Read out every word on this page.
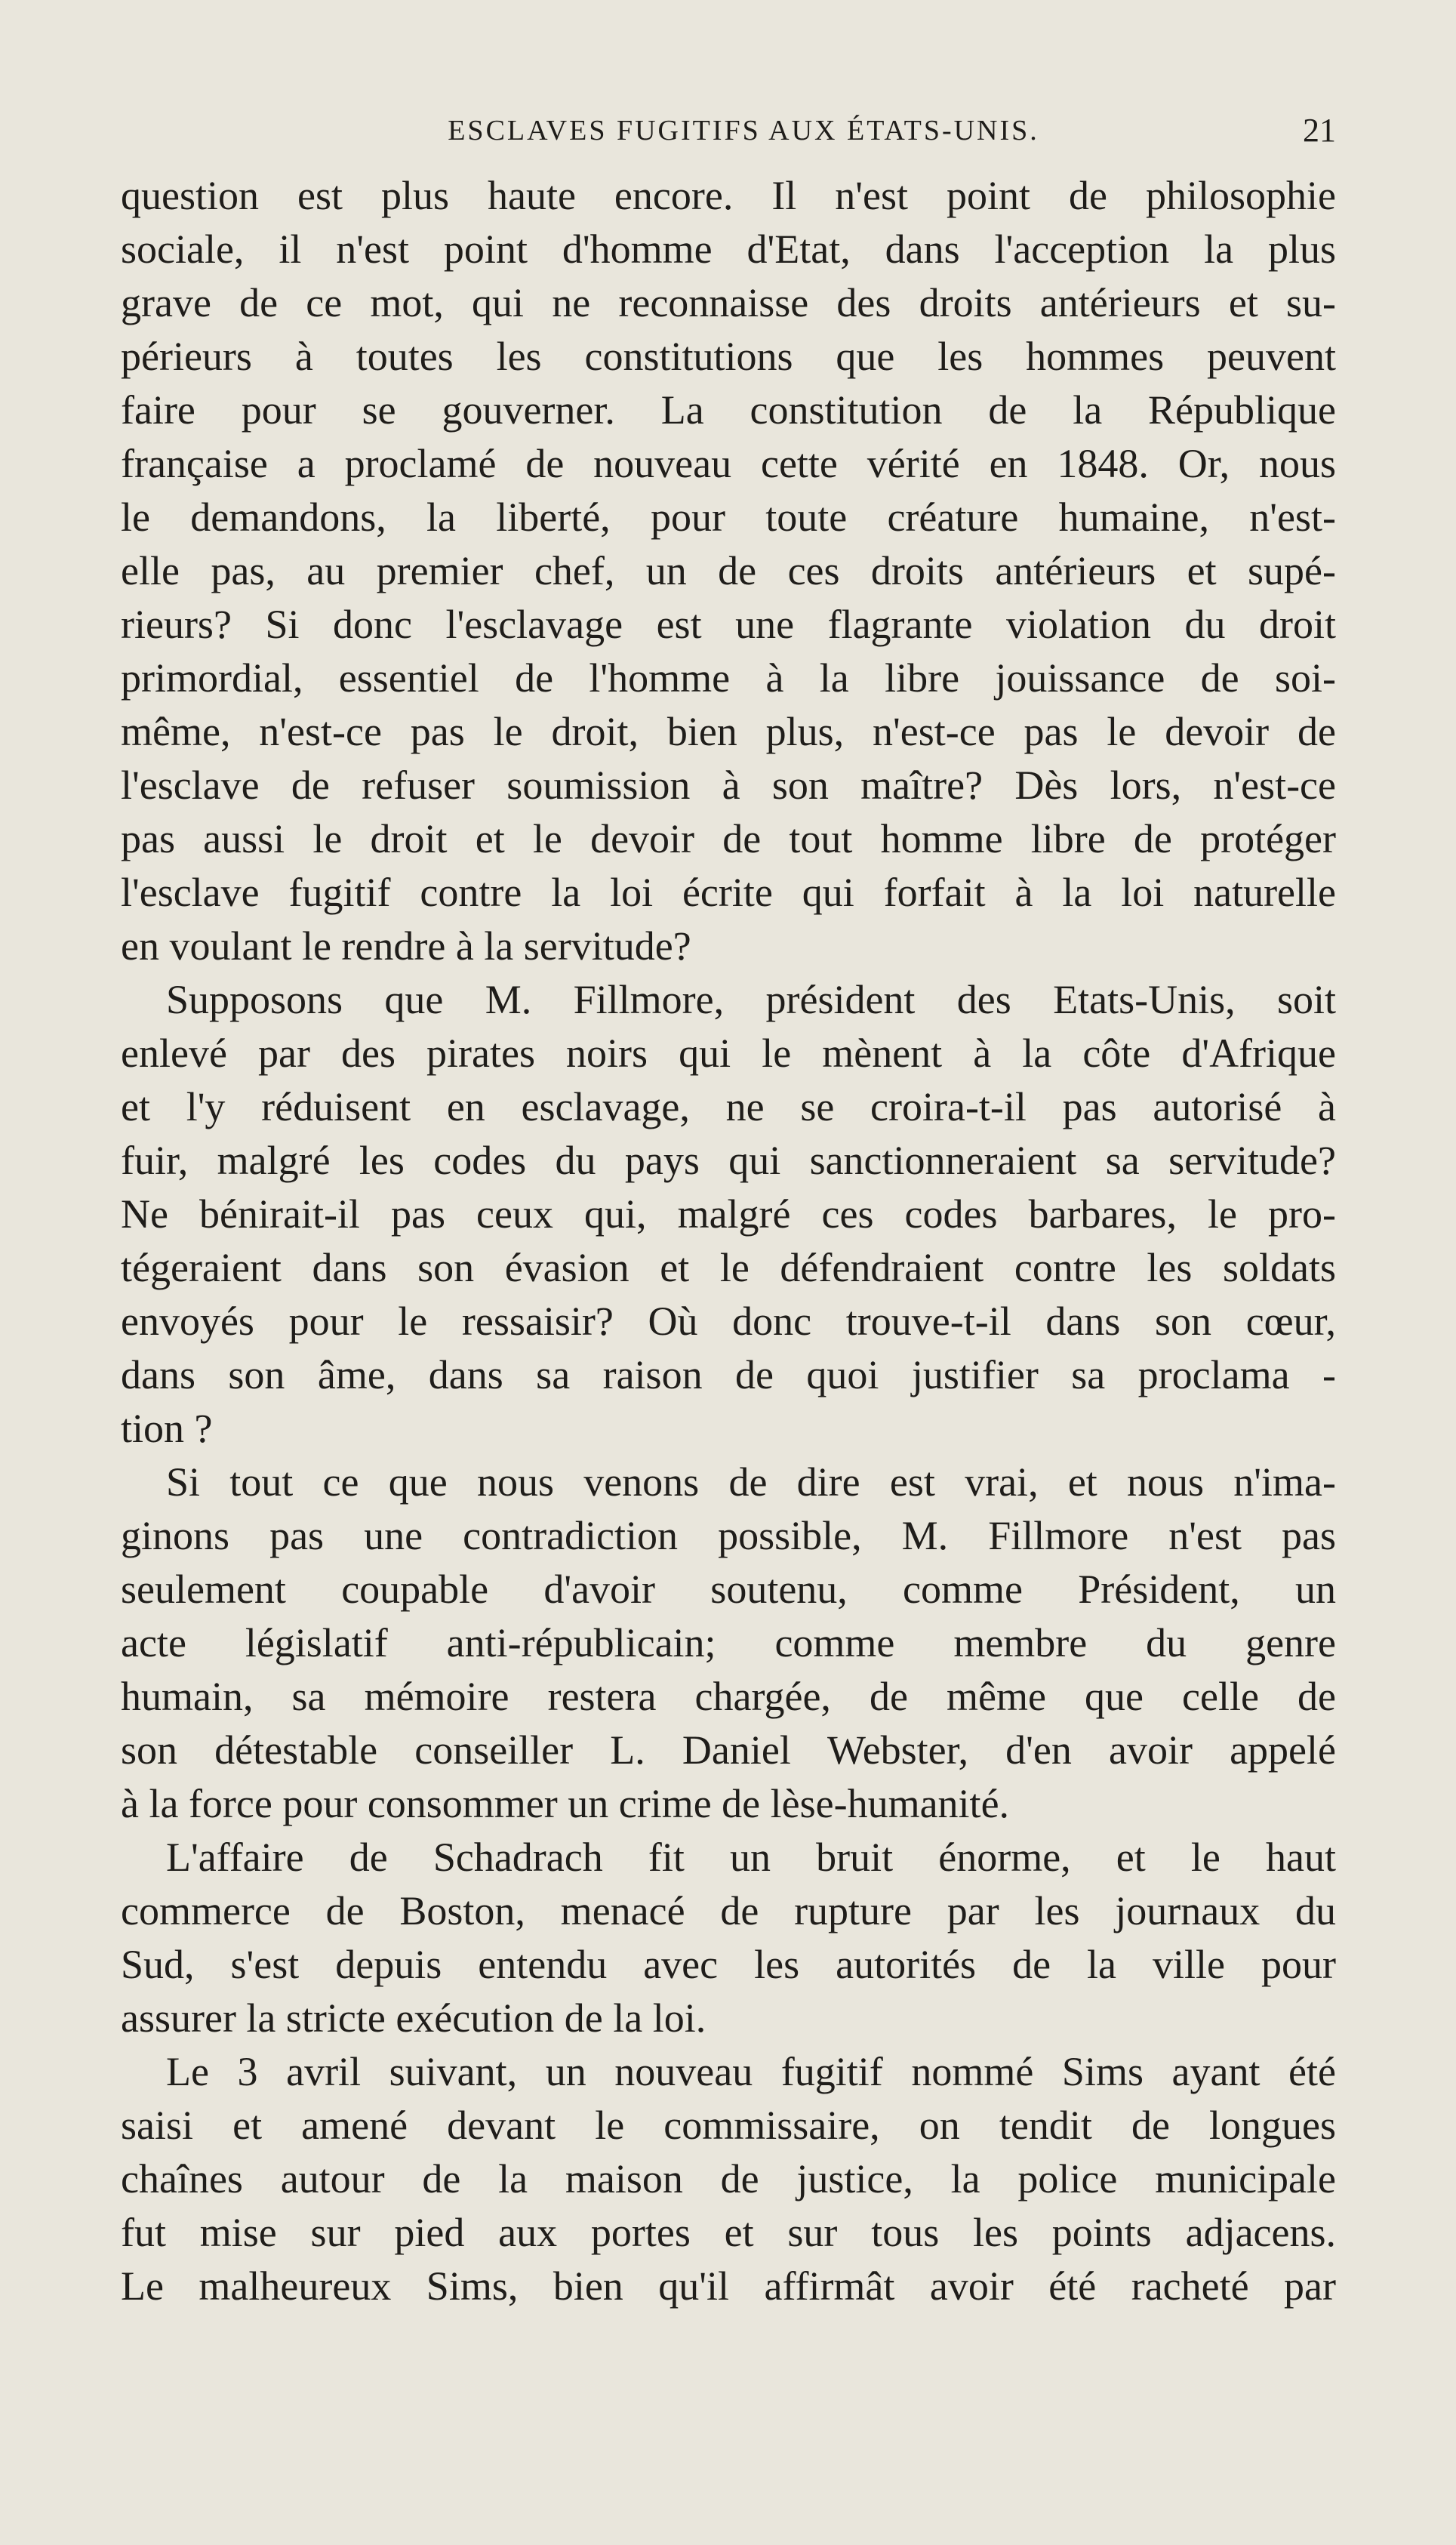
ESCLAVES FUGITIFS AUX ÉTATS-UNIS.	21
question est plus haute encore. Il n'est point de philosophie
sociale, il n'est point d'homme d'Etat, dans l'acception la plus
grave de ce mot, qui ne reconnaisse des droits antérieurs et su-
périeurs à toutes les constitutions que les hommes peuvent
faire pour se gouverner. La constitution de la République
française a proclamé de nouveau cette vérité en 1848. Or, nous
le demandons, la liberté, pour toute créature humaine, n'est-
elle pas, au premier chef, un de ces droits antérieurs et supé-
rieurs? Si donc l'esclavage est une flagrante violation du droit
primordial, essentiel de l'homme à la libre jouissance de soi-
même, n'est-ce pas le droit, bien plus, n'est-ce pas le devoir de
l'esclave de refuser soumission à son maître? Dès lors, n'est-ce
pas aussi le droit et le devoir de tout homme libre de protéger
l'esclave fugitif contre la loi écrite qui forfait à la loi naturelle
en voulant le rendre à la servitude?
Supposons que M. Fillmore, président des Etats-Unis, soit
enlevé par des pirates noirs qui le mènent à la côte d'Afrique
et l'y réduisent en esclavage, ne se croira-t-il pas autorisé à
fuir, malgré les codes du pays qui sanctionneraient sa servitude?
Ne bénirait-il pas ceux qui, malgré ces codes barbares, le pro-
tégeraient dans son évasion et le défendraient contre les soldats
envoyés pour le ressaisir? Où donc trouve-t-il dans son cœur,
dans son âme, dans sa raison de quoi justifier sa proclama -
tion ?
Si tout ce que nous venons de dire est vrai, et nous n'ima-
ginons pas une contradiction possible, M. Fillmore n'est pas
seulement coupable d'avoir soutenu, comme Président, un
acte législatif anti-républicain; comme membre du genre
humain, sa mémoire restera chargée, de même que celle de
son détestable conseiller L. Daniel Webster, d'en avoir appelé
à la force pour consommer un crime de lèse-humanité.
L'affaire de Schadrach fit un bruit énorme, et le haut
commerce de Boston, menacé de rupture par les journaux du
Sud, s'est depuis entendu avec les autorités de la ville pour
assurer la stricte exécution de la loi.
Le 3 avril suivant, un nouveau fugitif nommé Sims ayant été
saisi et amené devant le commissaire, on tendit de longues
chaînes autour de la maison de justice, la police municipale
fut mise sur pied aux portes et sur tous les points adjacens.
Le malheureux Sims, bien qu'il affirmât avoir été racheté par
